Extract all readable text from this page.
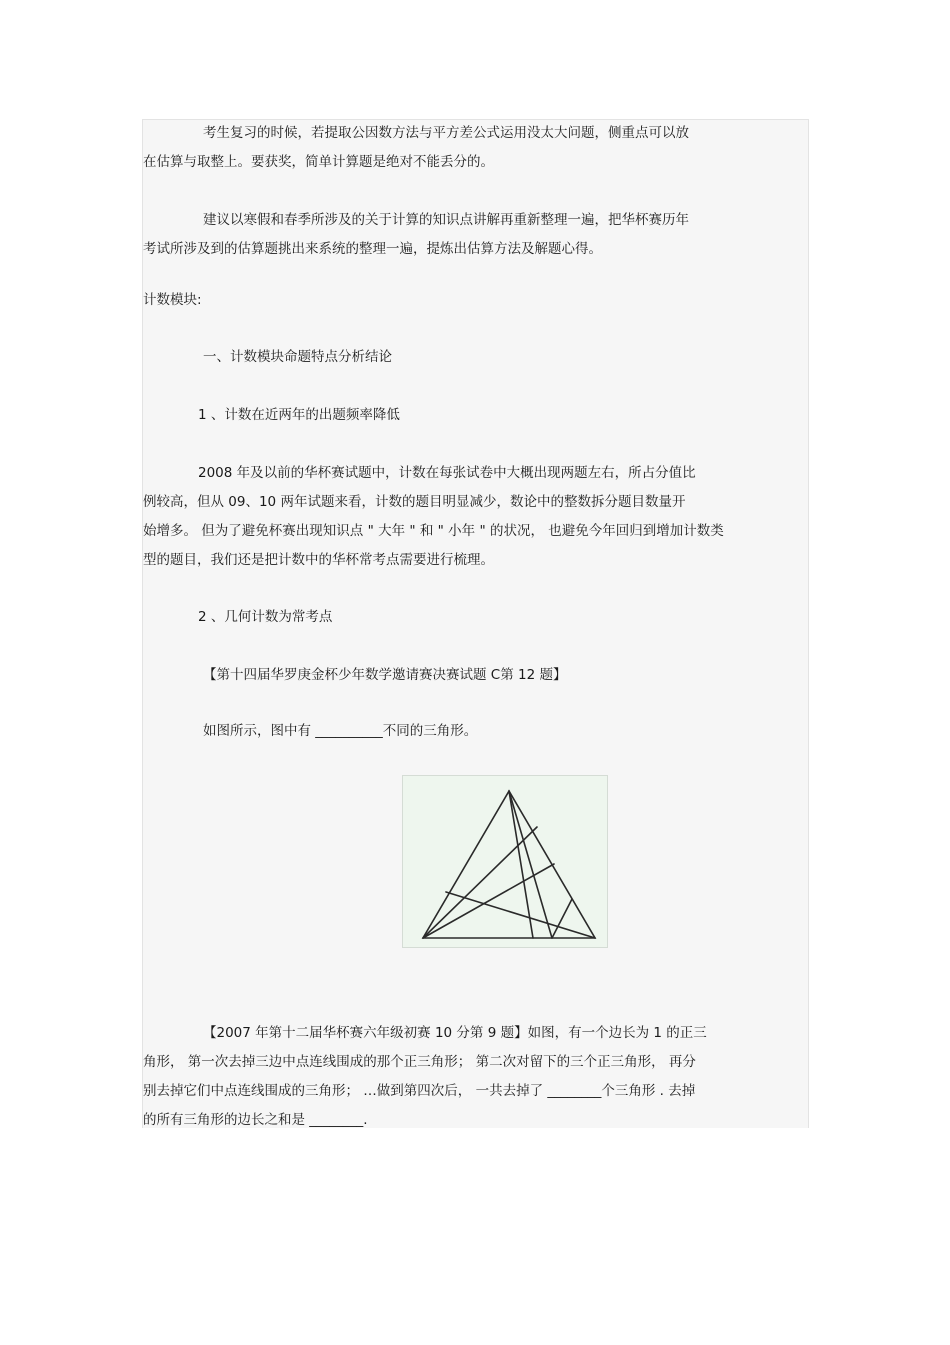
考生复习的时候，若提取公因数方法与平方差公式运用没太大问题，侧重点可以放
在估算与取整上。要获奖，简单计算题是绝对不能丢分的。
建议以寒假和春季所涉及的关于计算的知识点讲解再重新整理一遍，把华杯赛历年
考试所涉及到的估算题挑出来系统的整理一遍，提炼出估算方法及解题心得。
计数模块:
一、计数模块命题特点分析结论
1 、计数在近两年的出题频率降低
2008 年及以前的华杯赛试题中，计数在每张试卷中大概出现两题左右，所占分值比
例较高，但从 09、10 两年试题来看，计数的题目明显减少，数论中的整数拆分题目数量开
始增多。 但为了避免杯赛出现知识点 " 大年 " 和 " 小年 " 的状况， 也避免今年回归到增加计数类
型的题目，我们还是把计数中的华杯常考点需要进行梳理。
2 、几何计数为常考点
【第十四届华罗庚金杯少年数学邀请赛决赛试题 C第 12 题】
如图所示，图中有 __________不同的三角形。
【2007 年第十二届华杯赛六年级初赛 10 分第 9 题】如图，有一个边长为 1 的正三
角形， 第一次去掉三边中点连线围成的那个正三角形； 第二次对留下的三个正三角形， 再分
别去掉它们中点连线围成的三角形； …做到第四次后， 一共去掉了 ________个三角形 . 去掉
的所有三角形的边长之和是 ________.
